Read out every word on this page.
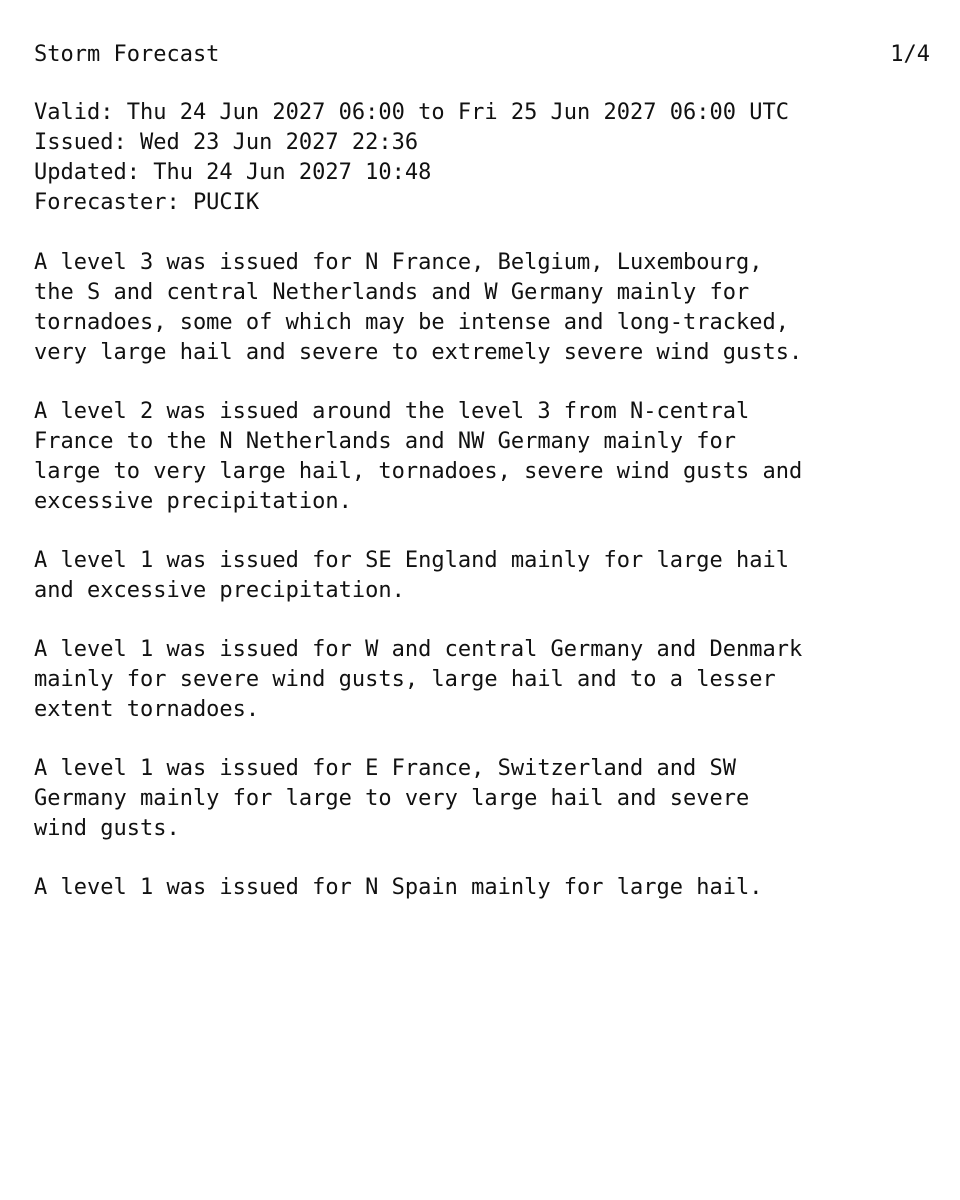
Storm Forecast	1/4
Valid: Thu 24 Jun 2027 06:00 to Fri 25 Jun 2027 06:00 UTC
Issued: Wed 23 Jun 2027 22:36
Updated: Thu 24 Jun 2027 10:48
Forecaster: PUCIK
A level 3 was issued for N France, Belgium, Luxembourg,
the S and central Netherlands and W Germany mainly for
tornadoes, some of which may be intense and long-tracked,
very large hail and severe to extremely severe wind gusts.
A level 2 was issued around the level 3 from N-central
France to the N Netherlands and NW Germany mainly for
large to very large hail, tornadoes, severe wind gusts and
excessive precipitation.
A level 1 was issued for SE England mainly for large hail
and excessive precipitation.
A level 1 was issued for W and central Germany and Denmark
mainly for severe wind gusts, large hail and to a lesser
extent tornadoes.
A level 1 was issued for E France, Switzerland and SW
Germany mainly for large to very large hail and severe
wind gusts.
A level 1 was issued for N Spain mainly for large hail.
